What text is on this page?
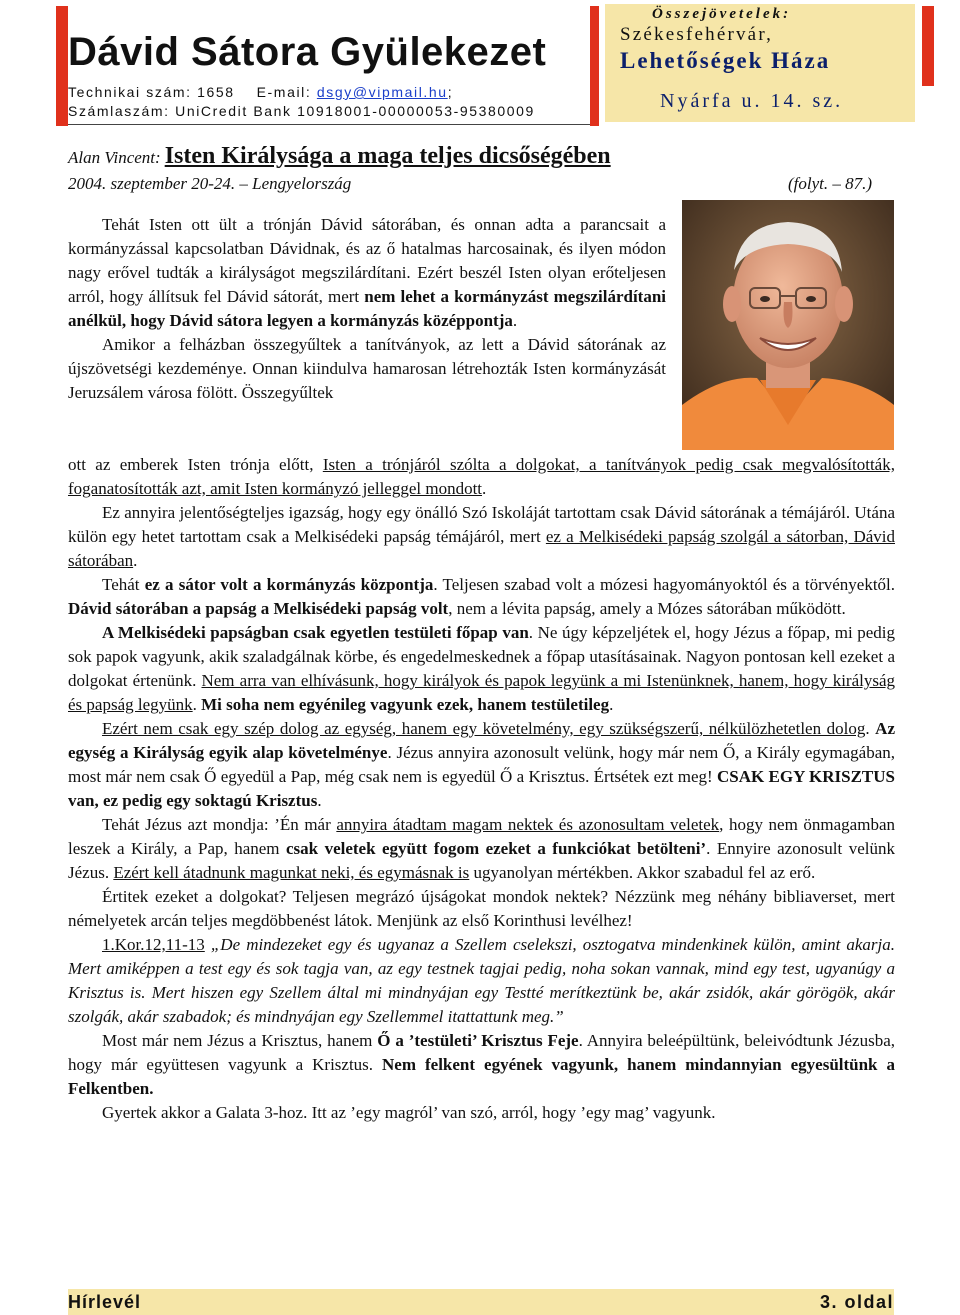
Dávid Sátora Gyülekezet
Technikai szám: 1658 E-mail: dsgy@vipmail.hu;
Számlaszám: UniCredit Bank 10918001-00000053-95380009
Összejövetelek:
Székesfehérvár,
Lehetőségek Háza
Nyárfa u. 14. sz.
Alan Vincent: Isten Királysága a maga teljes dicsőségében
2004. szeptember 20-24. – Lengyelország	(folyt. – 87.)

Tehát Isten ott ült a trónján Dávid sátorában, és onnan adta a parancsait a kormányzással kapcsolatban Dávidnak, és az ő hatalmas harcosainak, és ilyen módon nagy erővel tudták a királyságot megszilárdítani. Ezért beszél Isten olyan erőteljesen arról, hogy állítsuk fel Dávid sátorát, mert nem lehet a kormányzást megszilárdítani anélkül, hogy Dávid sátora legyen a kormányzás középpontja.

Amikor a felházban összegyűltek a tanítványok, az lett a Dávid sátorának az újszövetségi kezdeménye. Onnan kiindulva hamarosan létrehozták Isten kormányzását Jeruzsálem városa fölött. Összegyűltek

ott az emberek Isten trónja előtt, Isten a trónjáról szólta a dolgokat, a tanítványok pedig csak megvalósították, foganatosították azt, amit Isten kormányzó jelleggel mondott.

Ez annyira jelentőségteljes igazság, hogy egy önálló Szó Iskoláját tartottam csak Dávid sátorának a témájáról. Utána külön egy hetet tartottam csak a Melkisédeki papság témájáról, mert ez a Melkisédeki papság szolgál a sátorban, Dávid sátorában.

Tehát ez a sátor volt a kormányzás központja. Teljesen szabad volt a mózesi hagyományoktól és a törvényektől. Dávid sátorában a papság a Melkisédeki papság volt, nem a lévita papság, amely a Mózes sátorában működött.

A Melkisédeki papságban csak egyetlen testületi főpap van. Ne úgy képzeljétek el, hogy Jézus a főpap, mi pedig sok papok vagyunk, akik szaladgálnak körbe, és engedelmeskednek a főpap utasításainak. Nagyon pontosan kell ezeket a dolgokat értenünk. Nem arra van elhívásunk, hogy királyok és papok legyünk a mi Istenünknek, hanem, hogy királyság és papság legyünk. Mi soha nem egyénileg vagyunk ezek, hanem testületileg.

Ezért nem csak egy szép dolog az egység, hanem egy követelmény, egy szükségszerű, nélkülözhetetlen dolog. Az egység a Királyság egyik alap követelménye. Jézus annyira azonosult velünk, hogy már nem Ő, a Király egymagában, most már nem csak Ő egyedül a Pap, még csak nem is egyedül Ő a Krisztus. Értsétek ezt meg! CSAK EGY KRISZTUS van, ez pedig egy soktagú Krisztus.

Tehát Jézus azt mondja: ’Én már annyira átadtam magam nektek és azonosultam veletek, hogy nem önmagamban leszek a Király, a Pap, hanem csak veletek együtt fogom ezeket a funkciókat betölteni’. Ennyire azonosult velünk Jézus. Ezért kell átadnunk magunkat neki, és egymásnak is ugyanolyan mértékben. Akkor szabadul fel az erő.

Értitek ezeket a dolgokat? Teljesen megrázó újságokat mondok nektek? Nézzünk meg néhány bibliaverset, mert némelyetek arcán teljes megdöbbenést látok. Menjünk az első Korinthusi levélhez!

1.Kor.12,11-13 „De mindezeket egy és ugyanaz a Szellem cselekszi, osztogatva mindenkinek külön, amint akarja. Mert amiképpen a test egy és sok tagja van, az egy testnek tagjai pedig, noha sokan vannak, mind egy test, ugyanúgy a Krisztus is. Mert hiszen egy Szellem által mi mindnyájan egy Testté merítkeztünk be, akár zsidók, akár görögök, akár szolgák, akár szabadok; és mindnyájan egy Szellemmel itattattunk meg.”

Most már nem Jézus a Krisztus, hanem Ő a ’testületi’ Krisztus Feje. Annyira beleépültünk, beleivódtunk Jézusba, hogy már együttesen vagyunk a Krisztus. Nem felkent egyének vagyunk, hanem mindannyian egyesültünk a Felkentben.

Gyertek akkor a Galata 3-hoz. Itt az ’egy magról’ van szó, arról, hogy ’egy mag’ vagyunk.

Hírlevél	3. oldal
